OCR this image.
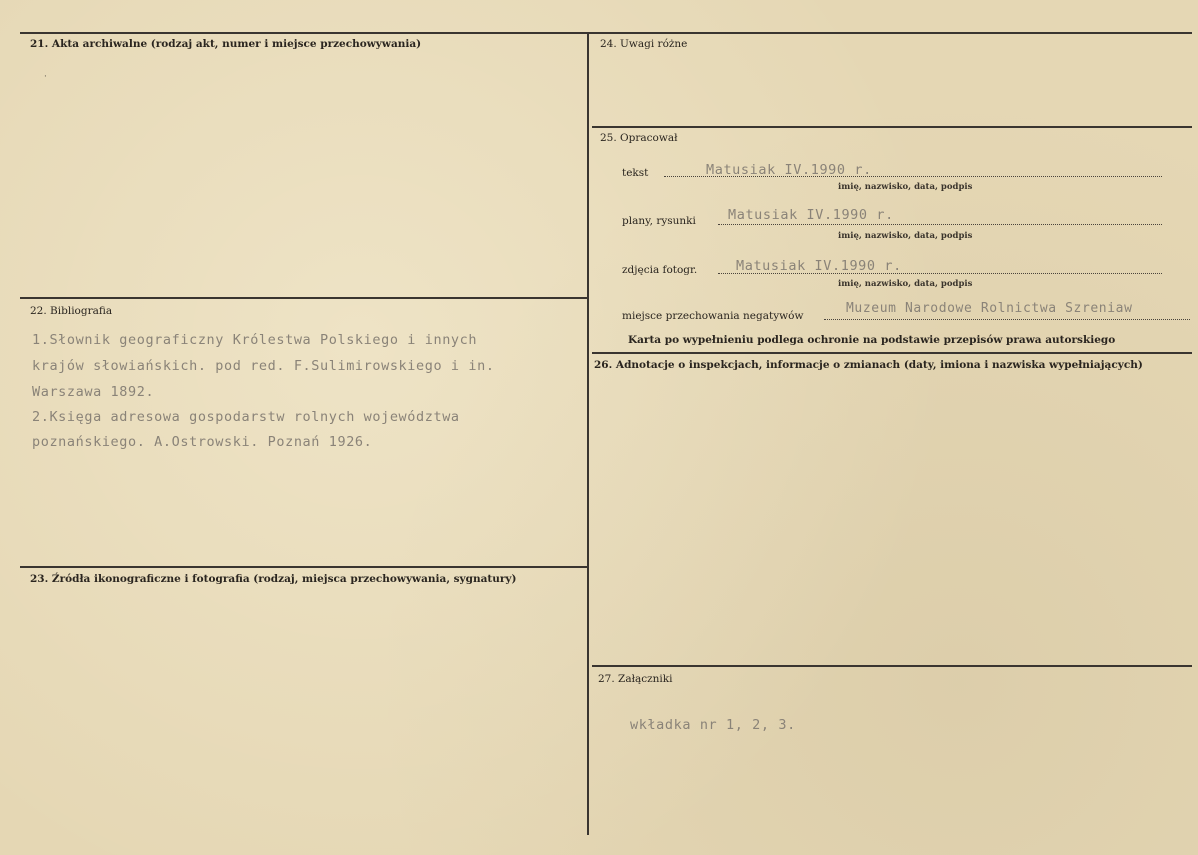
21. Akta archiwalne (rodzaj akt, numer i miejsce przechowywania)
·
22. Bibliografia
1.Słownik geograficzny Królestwa Polskiego i innych
krajów słowiańskich. pod red. F.Sulimirowskiego i in.
Warszawa 1892.
2.Księga adresowa gospodarstw rolnych województwa
poznańskiego. A.Ostrowski. Poznań 1926.
23. Źródła ikonograficzne i fotografia (rodzaj, miejsca przechowywania, sygnatury)
24. Uwagi różne
25. Opracował
tekst	Matusiak IV.1990 r.
imię, nazwisko, data, podpis
plany, rysunki Matusiak IV.1990 r.
imię, nazwisko, data, podpis
zdjęcia fotogr.	Matusiak IV.1990 r.
imię, nazwisko, data, podpis
miejsce przechowania negatywów	Muzeum Narodowe Rolnictwa Szreniaw
Karta po wypełnieniu podlega ochronie na podstawie przepisów prawa autorskiego
26. Adnotacje o inspekcjach, informacje o zmianach (daty, imiona i nazwiska wypełniających)
27. Załączniki
wkładka nr 1, 2, 3.
